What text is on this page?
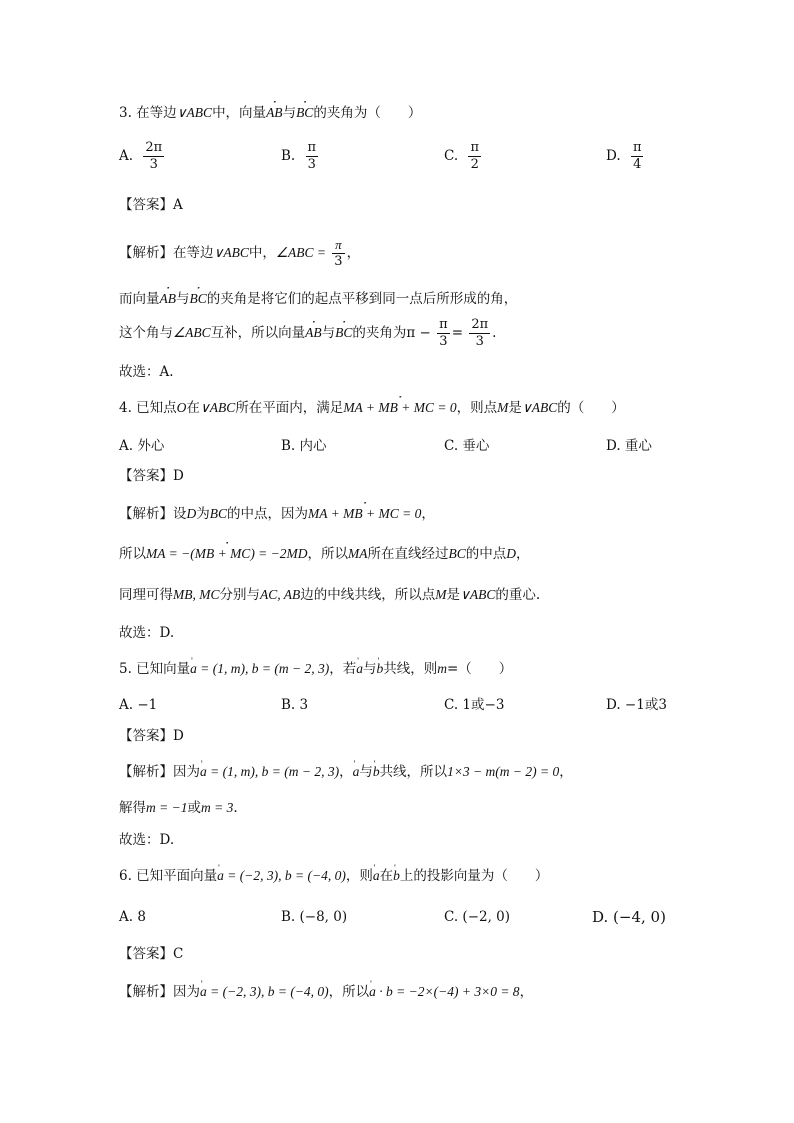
3. 在等边∨ABC中，向量′′′ AB与′′′ BC的夹角为（　　）
A. $\frac{2\pi}{3}$	B. $\frac{\pi}{3}$	C. $\frac{\pi}{2}$	D. $\frac{\pi}{4}$
【答案】A
【解析】在等边∨ABC中，∠ABC = $\frac{\pi}{3}$ ，
而向量′′′ AB与′′′ BC的夹角是将它们的起点平移到同一点后所形成的角，
这个角与∠ABC互补，所以向量′′′ AB与′′′ BC的夹角为$\pi - \frac{\pi}{3} = \frac{2\pi}{3}$ .
故选：A.
4. 已知点O在∨ABC所在平面内，满足′′′ MA + MB + MC = 0，则点M是∨ABC的（　　）
A. 外心	B. 内心	C. 垂心	D. 重心
【答案】D
【解析】设D为BC的中点，因为′′′ MA + MB + MC = 0，
所以′′′ MA = −(MB + MC) = −2MD，所以MA所在直线经过BC的中点D，
同理可得MB, MC分别与AC, AB边的中线共线，所以点M是∨ABC的重心.
故选：D.
5. 已知向量' a = (1, m), b = (m − 2, 3)，若' a与' b共线，则m=（　　）
A. −1	B. 3	C. 1或−3	D. −1或3
【答案】D
【解析】因为' a = (1, m), b = (m − 2, 3)，' a与' b共线，所以1×3 − m(m − 2) = 0，
解得m = −1或m = 3.
故选：D.
6. 已知平面向量' a = (−2, 3), b = (−4, 0)，则' a在' b上的投影向量为（　　）
A. 8	B. (−8, 0)	C. (−2, 0)	D. (−4, 0)
【答案】C
【解析】因为' a = (−2, 3), b = (−4, 0)，所以' a · b = −2×(−4) + 3×0 = 8，
